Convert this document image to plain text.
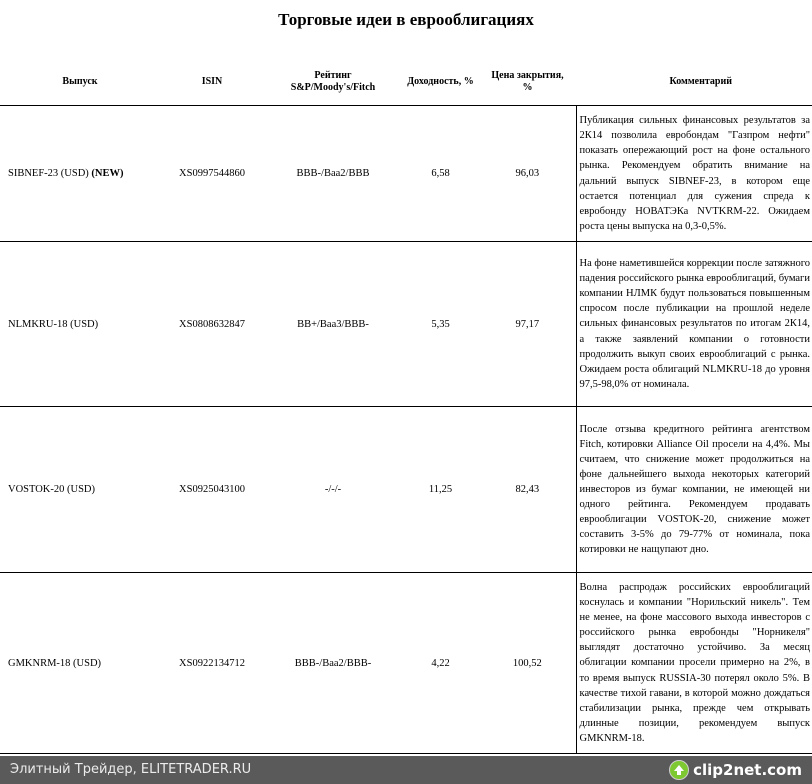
Торговые идеи в еврооблигациях
Выпуск	ISIN	Рейтинг S&P/Moody's/Fitch	Доходность, %	Цена закрытия, %	Комментарий
SIBNEF-23 (USD) (NEW)	XS0997544860	BBB-/Baa2/BBB	6,58	96,03	Публикация сильных финансовых результатов за 2К14 позволила евробондам "Газпром нефти" показать опережающий рост на фоне остального рынка. Рекомендуем обратить внимание на дальний выпуск SIBNEF-23, в котором еще остается потенциал для сужения спреда к евробонду НОВАТЭКа NVTKRM-22. Ожидаем роста цены выпуска на 0,3-0,5%.
NLMKRU-18 (USD)	XS0808632847	BB+/Baa3/BBB-	5,35	97,17	На фоне наметившейся коррекции после затяжного падения российского рынка еврооблигаций, бумаги компании НЛМК будут пользоваться повышенным спросом после публикации на прошлой неделе сильных финансовых результатов по итогам 2К14, а также заявлений компании о готовности продолжить выкуп своих еврооблигаций с рынка. Ожидаем роста облигаций NLMKRU-18 до уровня 97,5-98,0% от номинала.
VOSTOK-20 (USD)	XS0925043100	-/-/-	11,25	82,43	После отзыва кредитного рейтинга агентством Fitch, котировки Alliance Oil просели на 4,4%. Мы считаем, что снижение может продолжиться на фоне дальнейшего выхода некоторых категорий инвесторов из бумаг компании, не имеющей ни одного рейтинга. Рекомендуем продавать еврооблигации VOSTOK-20, снижение может составить 3-5% до 79-77% от номинала, пока котировки не нащупают дно.
GMKNRM-18 (USD)	XS0922134712	BBB-/Baa2/BBB-	4,22	100,52	Волна распродаж российских еврооблигаций коснулась и компании "Норильский никель". Тем не менее, на фоне массового выхода инвесторов с российского рынка евробонды "Норникеля" выглядят достаточно устойчиво. За месяц облигации компании просели примерно на 2%, в то время выпуск RUSSIA-30 потерял около 5%. В качестве тихой гавани, в которой можно дождаться стабилизации рынка, прежде чем открывать длинные позиции, рекомендуем выпуск GMKNRM-18.
Элитный Трейдер, ELITETRADER.RU	clip2net.com
